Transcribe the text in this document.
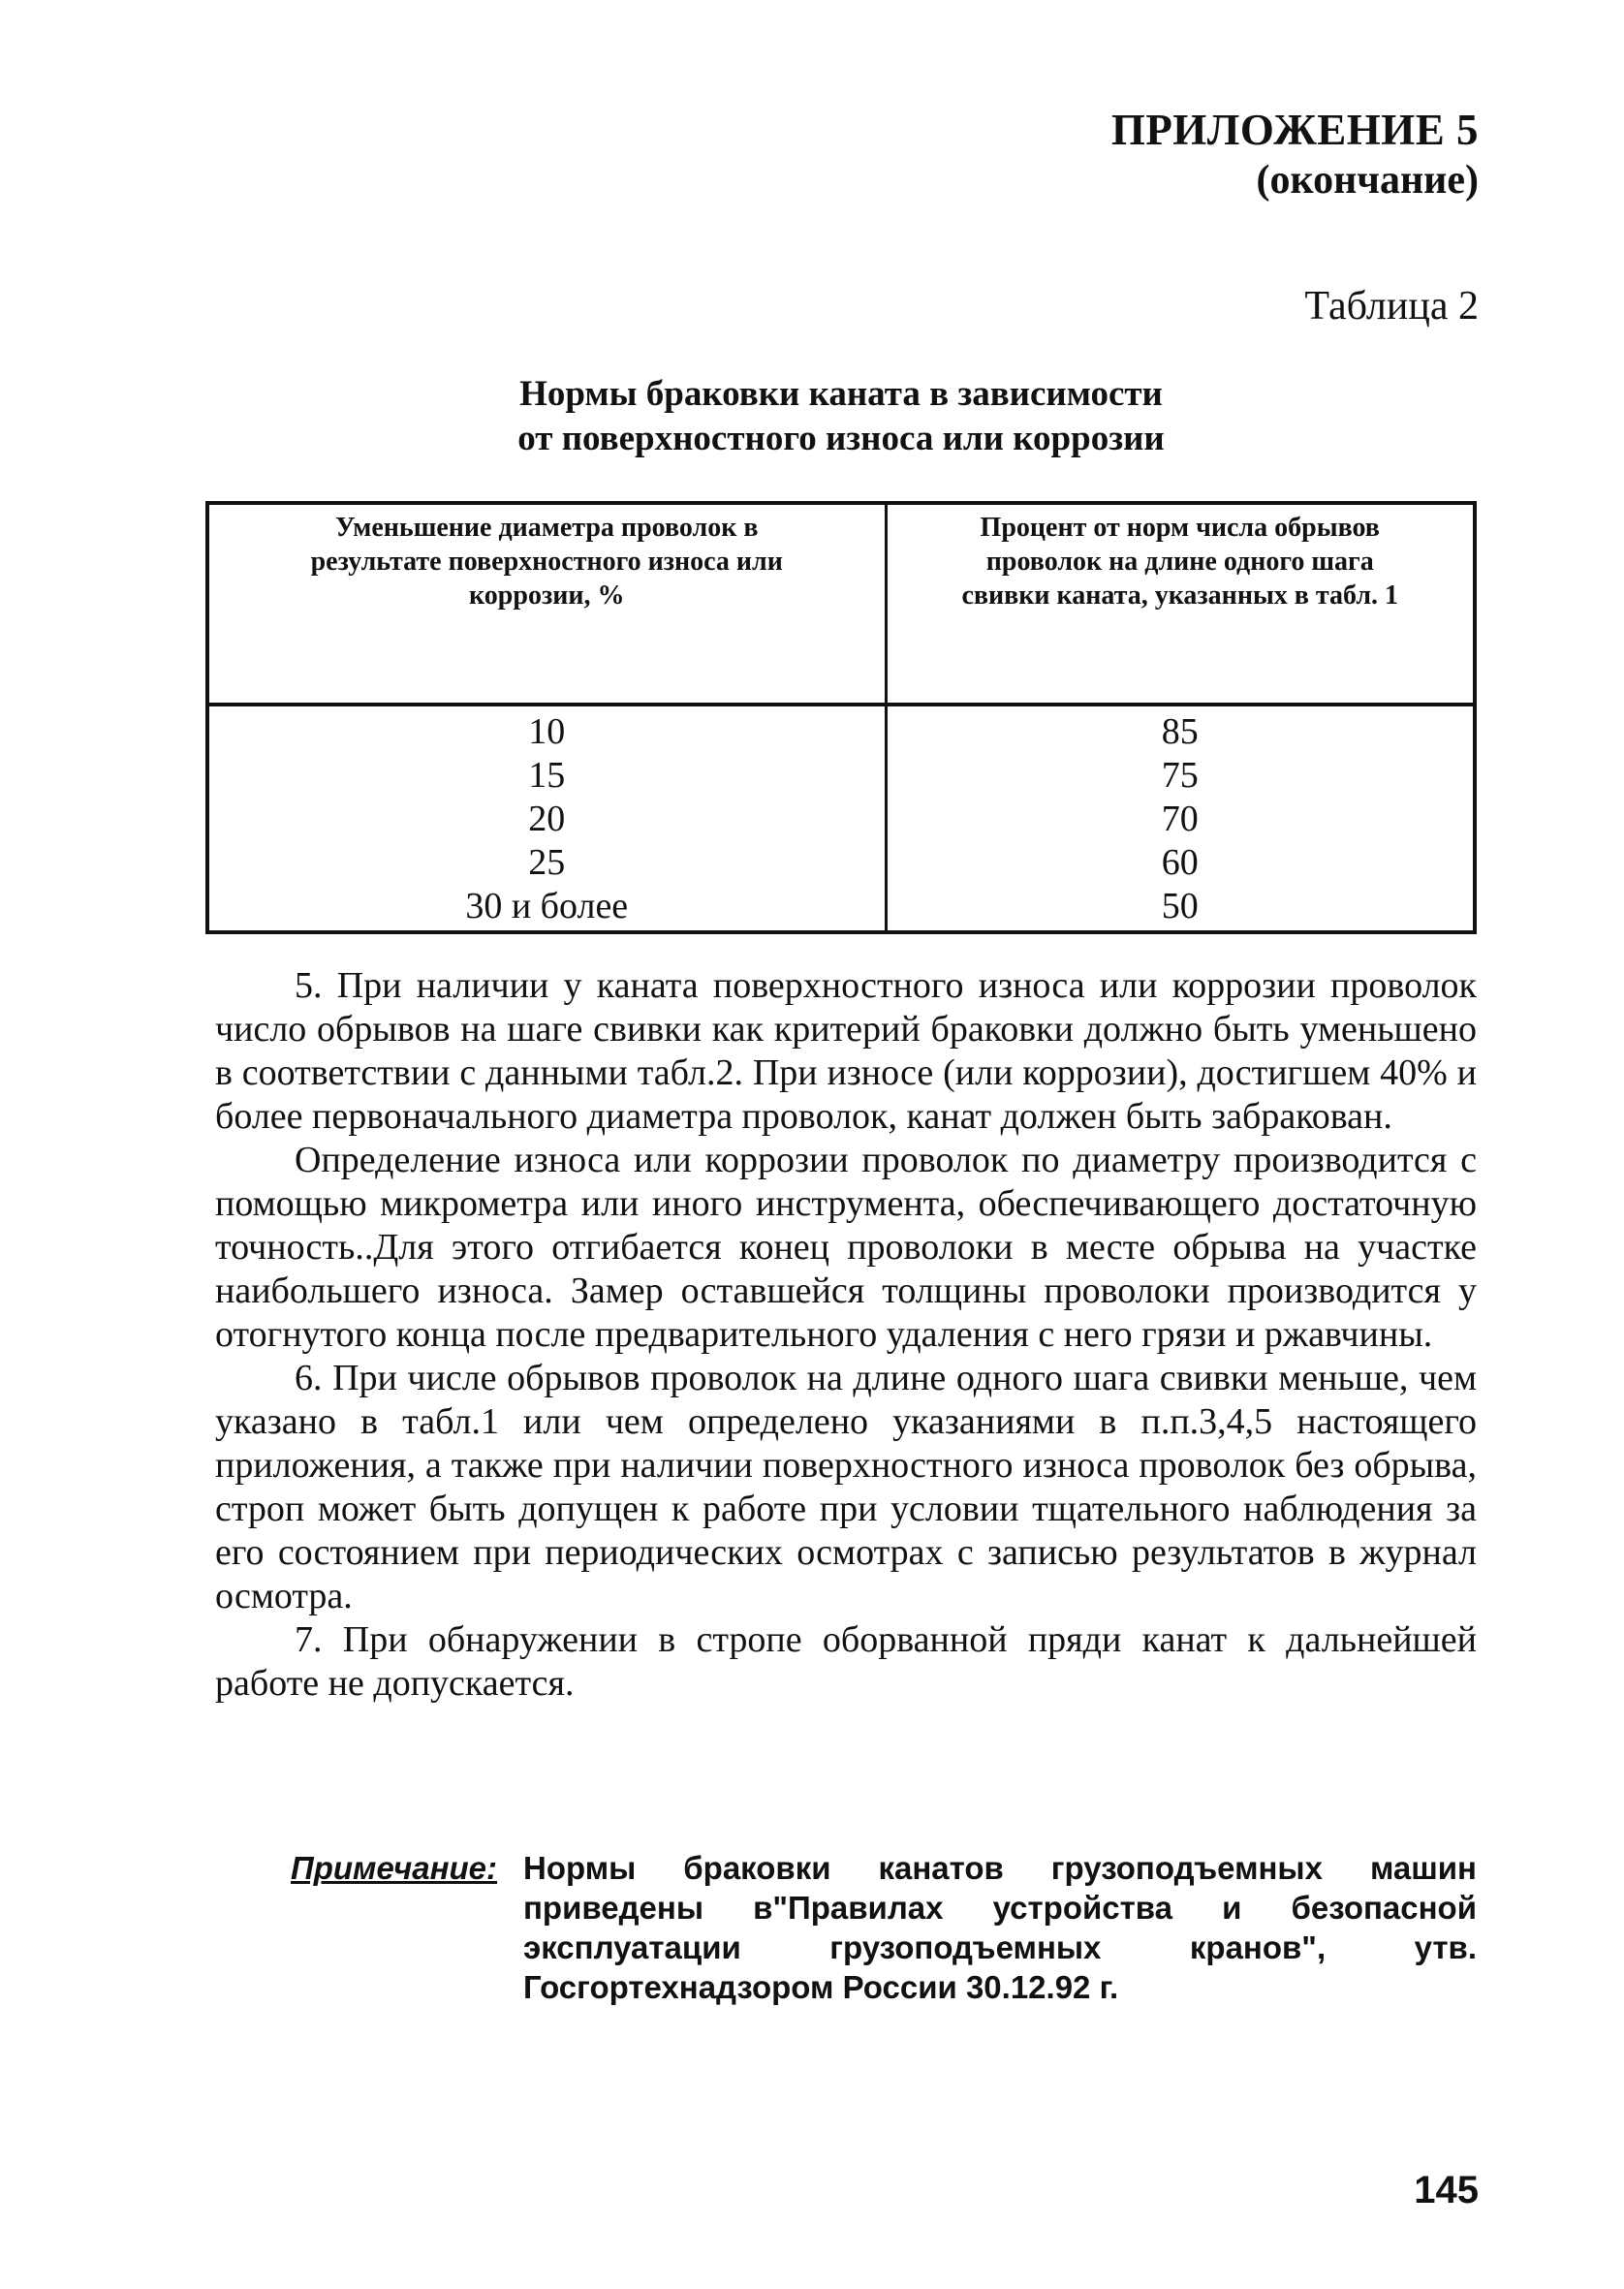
ПРИЛОЖЕНИЕ 5
(окончание)
Таблица 2
Нормы браковки каната в зависимости
от поверхностного износа или коррозии
Уменьшение диаметра проволок в результате поверхностного износа или коррозии, %	Процент от норм числа обрывов проволок на длине одного шага свивки каната, указанных в табл. 1
10	85
15	75
20	70
25	60
30 и более	50

5. При наличии у каната поверхностного износа или коррозии проволок число обрывов на шаге свивки как критерий браковки должно быть уменьшено в соответствии с данными табл.2. При износе (или коррозии), достигшем 40% и более первоначального диаметра проволок, канат должен быть забракован.

Определение износа или коррозии проволок по диаметру производится с помощью микрометра или иного инструмента, обеспечивающего достаточную точность..Для этого отгибается конец проволоки в месте обрыва на участке наибольшего износа. Замер оставшейся толщины проволоки производится у отогнутого конца после предварительного удаления с него грязи и ржавчины.

6. При числе обрывов проволок на длине одного шага свивки меньше, чем указано в табл.1 или чем определено указаниями в п.п.3,4,5 настоящего приложения, а также при наличии поверхностного износа проволок без обрыва, строп может быть допущен к работе при условии тщательного наблюдения за его состоянием при периодических осмотрах с записью результатов в журнал осмотра.

7. При обнаружении в стропе оборванной пряди канат к дальнейшей работе не допускается.

Примечание: Нормы браковки канатов грузоподъемных машин приведены в"Правилах устройства и безопасной эксплуатации грузоподъемных кранов", утв. Госгортехнадзором России 30.12.92 г.
145
